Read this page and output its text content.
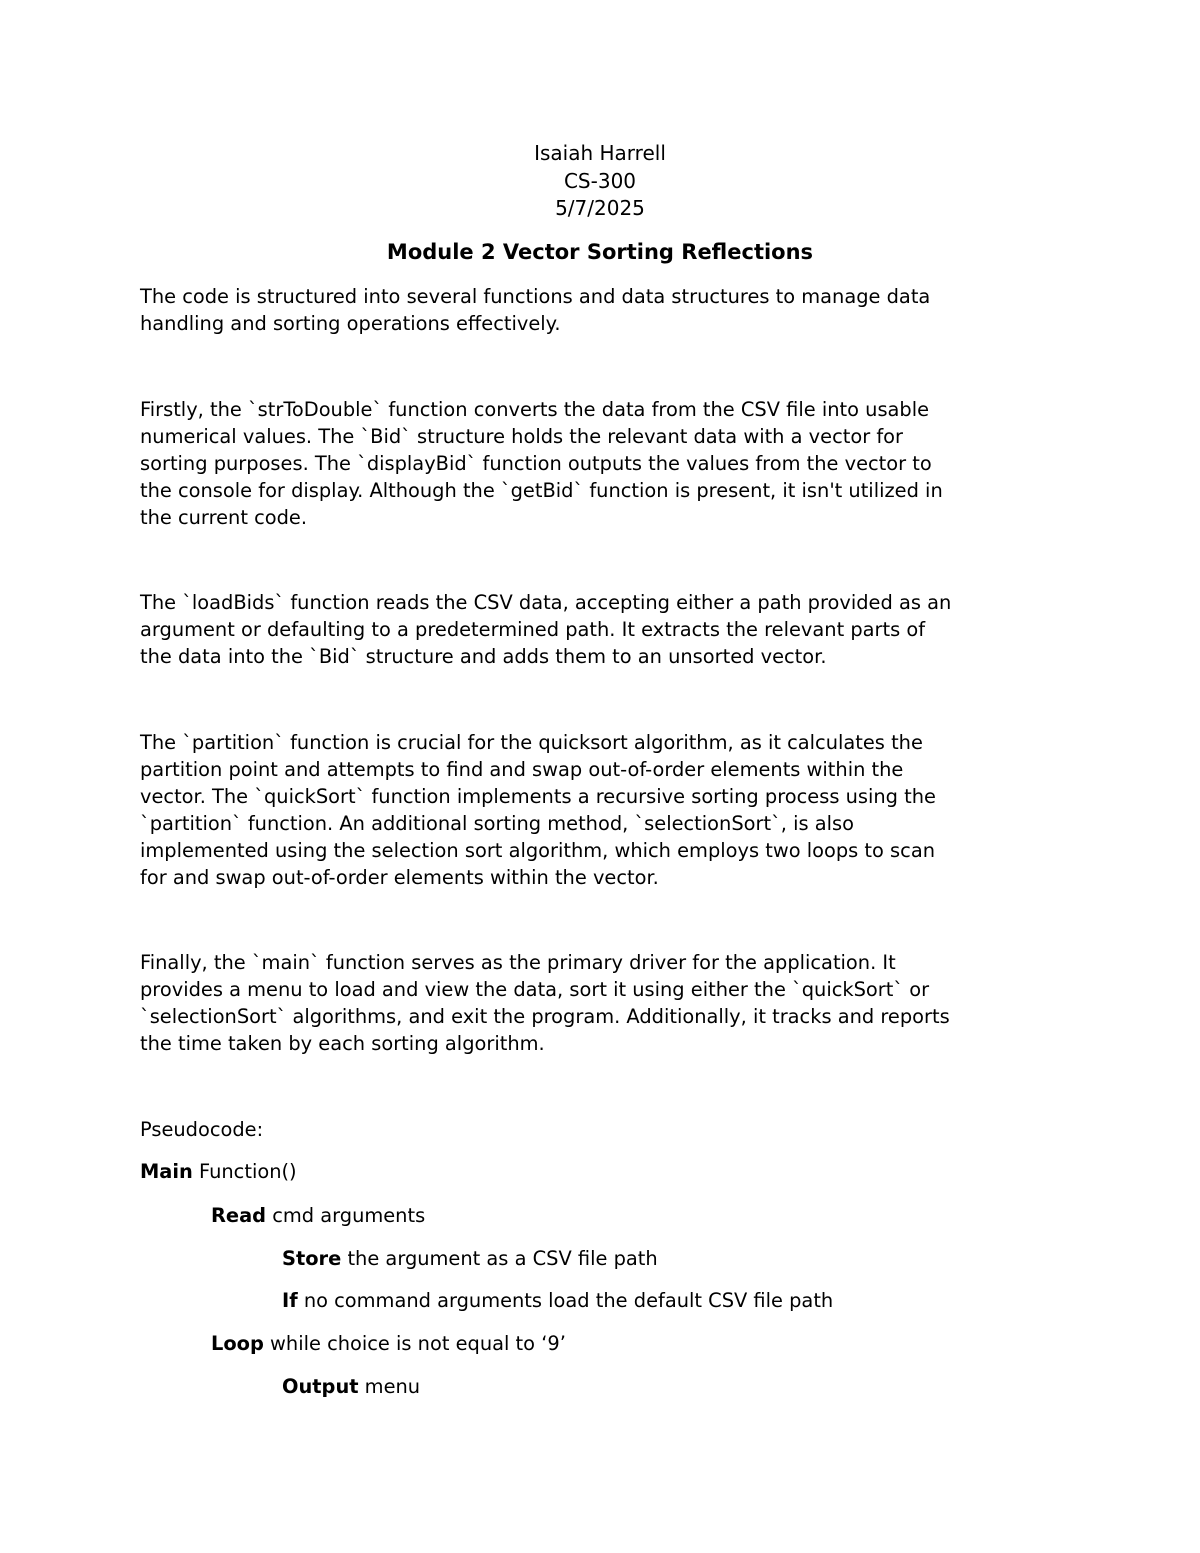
Isaiah Harrell
CS-300
5/7/2025
Module 2 Vector Sorting Reflections
The code is structured into several functions and data structures to manage data
handling and sorting operations effectively.
Firstly, the `strToDouble` function converts the data from the CSV file into usable
numerical values. The `Bid` structure holds the relevant data with a vector for
sorting purposes. The `displayBid` function outputs the values from the vector to
the console for display. Although the `getBid` function is present, it isn't utilized in
the current code.
The `loadBids` function reads the CSV data, accepting either a path provided as an
argument or defaulting to a predetermined path. It extracts the relevant parts of
the data into the `Bid` structure and adds them to an unsorted vector.
The `partition` function is crucial for the quicksort algorithm, as it calculates the
partition point and attempts to find and swap out-of-order elements within the
vector. The `quickSort` function implements a recursive sorting process using the
`partition` function. An additional sorting method, `selectionSort`, is also
implemented using the selection sort algorithm, which employs two loops to scan
for and swap out-of-order elements within the vector.
Finally, the `main` function serves as the primary driver for the application. It
provides a menu to load and view the data, sort it using either the `quickSort` or
`selectionSort` algorithms, and exit the program. Additionally, it tracks and reports
the time taken by each sorting algorithm.
Pseudocode:
Main Function()
Read cmd arguments
Store the argument as a CSV file path
If no command arguments load the default CSV file path
Loop while choice is not equal to ‘9’
Output menu
